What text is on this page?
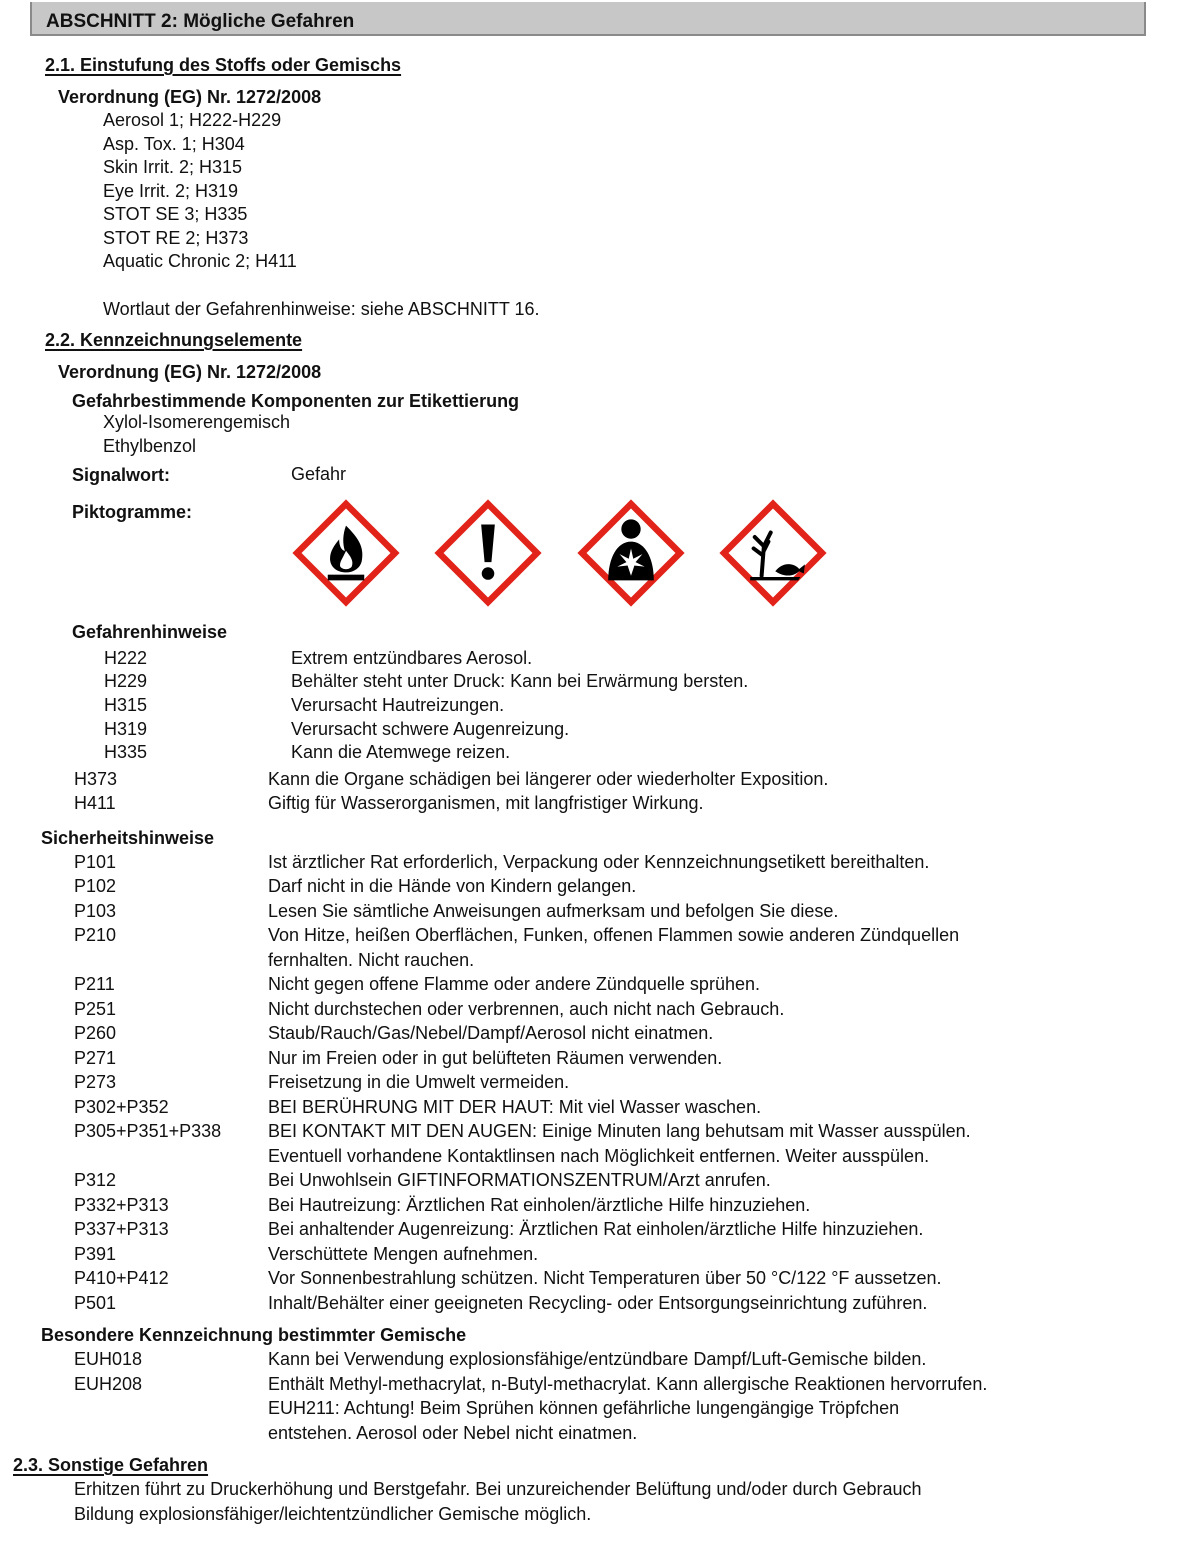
ABSCHNITT 2: Mögliche Gefahren
2.1. Einstufung des Stoffs oder Gemischs
Verordnung (EG) Nr. 1272/2008
Aerosol 1; H222-H229
Asp. Tox. 1; H304
Skin Irrit. 2; H315
Eye Irrit. 2; H319
STOT SE 3; H335
STOT RE 2; H373
Aquatic Chronic 2; H411
Wortlaut der Gefahrenhinweise: siehe ABSCHNITT 16.
2.2. Kennzeichnungselemente
Verordnung (EG) Nr. 1272/2008
Gefahrbestimmende Komponenten zur Etikettierung
Xylol-Isomerengemisch
Ethylbenzol
Signalwort:	Gefahr
Piktogramme:
Gefahrenhinweise
H222	Extrem entzündbares Aerosol.
H229	Behälter steht unter Druck: Kann bei Erwärmung bersten.
H315	Verursacht Hautreizungen.
H319	Verursacht schwere Augenreizung.
H335	Kann die Atemwege reizen.
H373	Kann die Organe schädigen bei längerer oder wiederholter Exposition.
H411	Giftig für Wasserorganismen, mit langfristiger Wirkung.
Sicherheitshinweise
P101	Ist ärztlicher Rat erforderlich, Verpackung oder Kennzeichnungsetikett bereithalten.
P102	Darf nicht in die Hände von Kindern gelangen.
P103	Lesen Sie sämtliche Anweisungen aufmerksam und befolgen Sie diese.
P210	Von Hitze, heißen Oberflächen, Funken, offenen Flammen sowie anderen Zündquellen
fernhalten. Nicht rauchen.
P211	Nicht gegen offene Flamme oder andere Zündquelle sprühen.
P251	Nicht durchstechen oder verbrennen, auch nicht nach Gebrauch.
P260	Staub/Rauch/Gas/Nebel/Dampf/Aerosol nicht einatmen.
P271	Nur im Freien oder in gut belüfteten Räumen verwenden.
P273	Freisetzung in die Umwelt vermeiden.
P302+P352	BEI BERÜHRUNG MIT DER HAUT: Mit viel Wasser waschen.
P305+P351+P338	BEI KONTAKT MIT DEN AUGEN: Einige Minuten lang behutsam mit Wasser ausspülen.
Eventuell vorhandene Kontaktlinsen nach Möglichkeit entfernen. Weiter ausspülen.
P312	Bei Unwohlsein GIFTINFORMATIONSZENTRUM/Arzt anrufen.
P332+P313	Bei Hautreizung: Ärztlichen Rat einholen/ärztliche Hilfe hinzuziehen.
P337+P313	Bei anhaltender Augenreizung: Ärztlichen Rat einholen/ärztliche Hilfe hinzuziehen.
P391	Verschüttete Mengen aufnehmen.
P410+P412	Vor Sonnenbestrahlung schützen. Nicht Temperaturen über 50 °C/122 °F aussetzen.
P501	Inhalt/Behälter einer geeigneten Recycling- oder Entsorgungseinrichtung zuführen.
Besondere Kennzeichnung bestimmter Gemische
EUH018	Kann bei Verwendung explosionsfähige/entzündbare Dampf/Luft-Gemische bilden.
EUH208	Enthält Methyl-methacrylat, n-Butyl-methacrylat. Kann allergische Reaktionen hervorrufen.
EUH211: Achtung! Beim Sprühen können gefährliche lungengängige Tröpfchen
entstehen. Aerosol oder Nebel nicht einatmen.
2.3. Sonstige Gefahren
Erhitzen führt zu Druckerhöhung und Berstgefahr. Bei unzureichender Belüftung und/oder durch Gebrauch
Bildung explosionsfähiger/leichtentzündlicher Gemische möglich.
